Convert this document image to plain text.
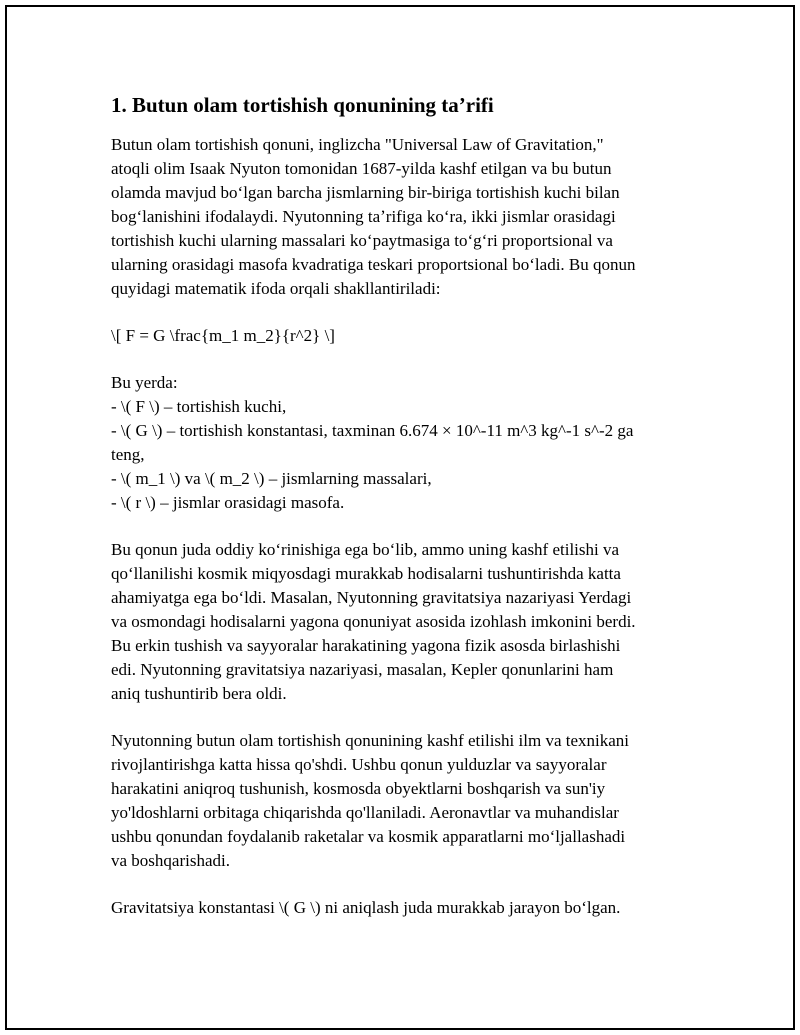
1. Butun olam tortishish qonunining ta’rifi

Butun olam tortishish qonuni, inglizcha "Universal Law of Gravitation,"
atoqli olim Isaak Nyuton tomonidan 1687-yilda kashf etilgan va bu butun
olamda mavjud boʻlgan barcha jismlarning bir-biriga tortishish kuchi bilan
bogʻlanishini ifodalaydi. Nyutonning taʼrifiga koʻra, ikki jismlar orasidagi
tortishish kuchi ularning massalari koʻpaytmasiga toʻgʻri proportsional va
ularning orasidagi masofa kvadratiga teskari proportsional boʻladi. Bu qonun
quyidagi matematik ifoda orqali shakllantiriladi:

\[ F = G \frac{m_1 m_2}{r^2} \]

Bu yerda:
- \( F \) – tortishish kuchi,
- \( G \) – tortishish konstantasi, taxminan 6.674 × 10^-11 m^3 kg^-1 s^-2 ga
teng,
- \( m_1 \) va \( m_2 \) – jismlarning massalari,
- \( r \) – jismlar orasidagi masofa.

Bu qonun juda oddiy koʻrinishiga ega boʻlib, ammo uning kashf etilishi va
qoʻllanilishi kosmik miqyosdagi murakkab hodisalarni tushuntirishda katta
ahamiyatga ega boʻldi. Masalan, Nyutonning gravitatsiya nazariyasi Yerdagi
va osmondagi hodisalarni yagona qonuniyat asosida izohlash imkonini berdi.
Bu erkin tushish va sayyoralar harakatining yagona fizik asosda birlashishi
edi. Nyutonning gravitatsiya nazariyasi, masalan, Kepler qonunlarini ham
aniq tushuntirib bera oldi.

Nyutonning butun olam tortishish qonunining kashf etilishi ilm va texnikani
rivojlantirishga katta hissa qo'shdi. Ushbu qonun yulduzlar va sayyoralar
harakatini aniqroq tushunish, kosmosda obyektlarni boshqarish va sun'iy
yo'ldoshlarni orbitaga chiqarishda qo'llaniladi. Aeronavtlar va muhandislar
ushbu qonundan foydalanib raketalar va kosmik apparatlarni moʻljallashadi
va boshqarishadi.

Gravitatsiya konstantasi \( G \) ni aniqlash juda murakkab jarayon boʻlgan.
